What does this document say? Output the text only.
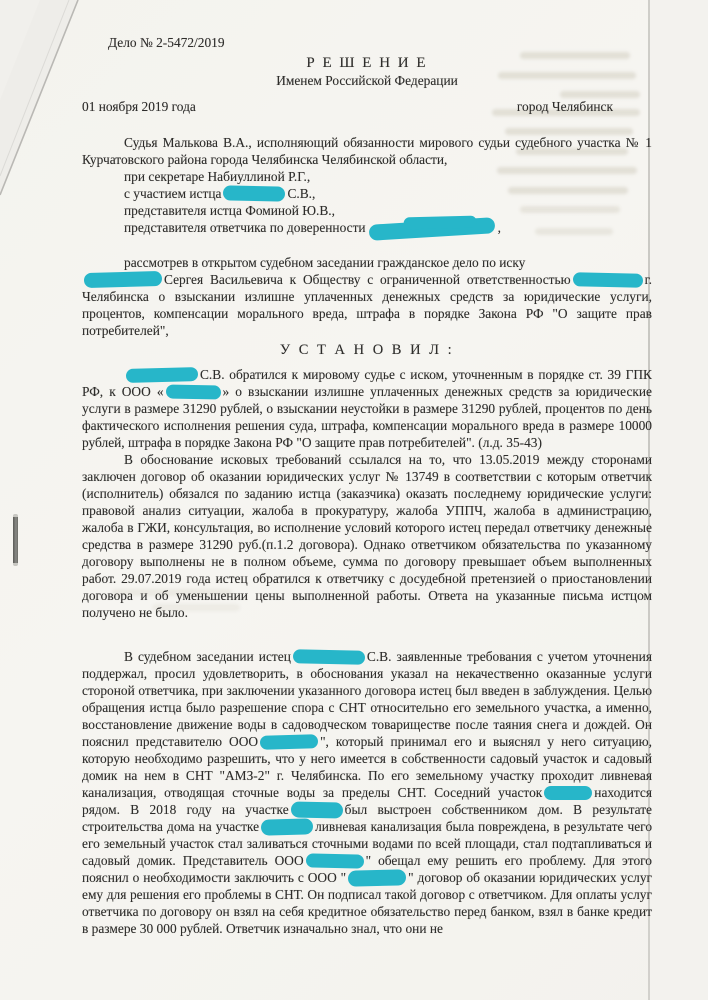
Дело № 2-5472/2019
Р Е Ш Е Н И Е
Именем Российской Федерации
01 ноября 2019 года	город Челябинск
Судья Малькова В.А., исполняющий обязанности мирового судьи судебного участка № 1 Курчатовского района города Челябинска Челябинской области,
при секретаре Набиуллиной Р.Г.,
с участием истца	С.В.,
представителя истца Фоминой Ю.В.,
представителя ответчика по доверенности	,

рассмотрев в открытом судебном заседании гражданское дело по иску
Сергея Васильевича к Обществу с ограниченной ответственностью	г. Челябинска о взыскании излишне уплаченных денежных средств за юридические услуги, процентов, компенсации морального вреда, штрафа в порядке Закона РФ "О защите прав потребителей",

У С Т А Н О В И Л :

С.В. обратился к мировому судье с иском, уточненным в порядке ст. 39 ГПК РФ, к ООО «	» о взыскании излишне уплаченных денежных средств за юридические услуги в размере 31290 рублей, о взыскании неустойки в размере 31290 рублей, процентов по день фактического исполнения решения суда, штрафа, компенсации морального вреда в размере 10000 рублей, штрафа в порядке Закона РФ "О защите прав потребителей". (л.д. 35-43)

В обоснование исковых требований ссылался на то, что 13.05.2019 между сторонами заключен договор об оказании юридических услуг № 13749 в соответствии с которым ответчик (исполнитель) обязался по заданию истца (заказчика) оказать последнему юридические услуги: правовой анализ ситуации, жалоба в прокуратуру, жалоба УППЧ, жалоба в администрацию, жалоба в ГЖИ, консультация, во исполнение условий которого истец передал ответчику денежные средства в размере 31290 руб.(п.1.2 договора). Однако ответчиком обязательства по указанному договору выполнены не в полном объеме, сумма по договору превышает объем выполненных работ. 29.07.2019 года истец обратился к ответчику с досудебной претензией о приостановлении договора и об уменьшении цены выполненной работы. Ответа на указанные письма истцом получено не было.

В судебном заседании истец	С.В. заявленные требования с учетом уточнения поддержал, просил удовлетворить, в обоснования указал на некачественно оказанные услуги стороной ответчика, при заключении указанного договора истец был введен в заблуждения. Целью обращения истца было разрешение спора с СНТ относительно его земельного участка, а именно, восстановление движение воды в садоводческом товариществе после таяния снега и дождей. Он пояснил представителю ООО	", который принимал его и выяснял у него ситуацию, которую необходимо разрешить, что у него имеется в собственности садовый участок и садовый домик на нем в СНТ "АМЗ-2" г. Челябинска. По его земельному участку проходит ливневая канализация, отводящая сточные воды за пределы СНТ. Соседний участок	находится рядом. В 2018 году на участке	был выстроен собственником дом. В результате строительства дома на участке	ливневая канализация была повреждена, в результате чего его земельный участок стал заливаться сточными водами по всей площади, стал подтапливаться и садовый домик. Представитель ООО	" обещал ему решить его проблему. Для этого пояснил о необходимости заключить с ООО "	" договор об оказании юридических услуг ему для решения его проблемы в СНТ. Он подписал такой договор с ответчиком. Для оплаты услуг ответчика по договору он взял на себя кредитное обязательство перед банком, взял в банке кредит в размере 30 000 рублей. Ответчик изначально знал, что они не
